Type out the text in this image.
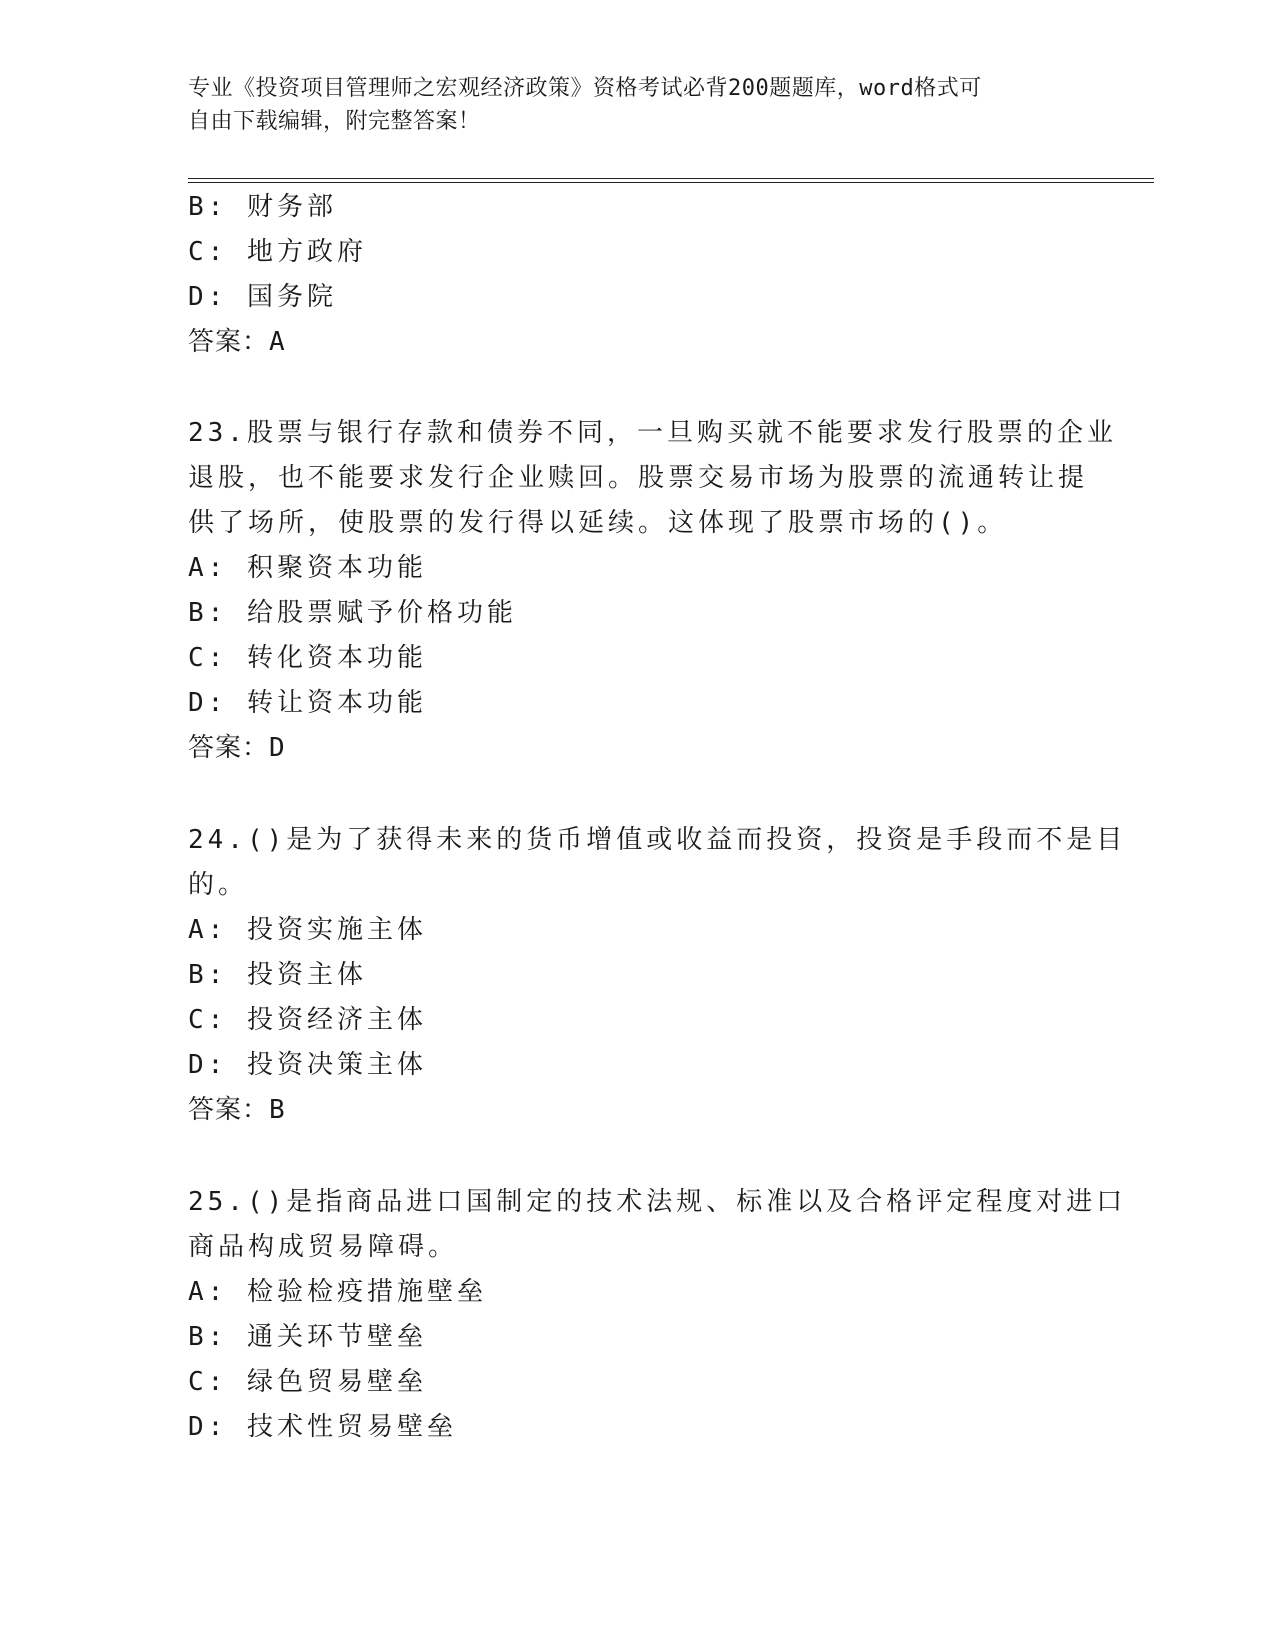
专业《投资项目管理师之宏观经济政策》资格考试必背200题题库，word格式可
自由下载编辑，附完整答案！
B: 财务部
C: 地方政府
D: 国务院
答案：A
23.股票与银行存款和债券不同，一旦购买就不能要求发行股票的企业
退股，也不能要求发行企业赎回。股票交易市场为股票的流通转让提
供了场所，使股票的发行得以延续。这体现了股票市场的()。
A: 积聚资本功能
B: 给股票赋予价格功能
C: 转化资本功能
D: 转让资本功能
答案：D
24.()是为了获得未来的货币增值或收益而投资，投资是手段而不是目
的。
A: 投资实施主体
B: 投资主体
C: 投资经济主体
D: 投资决策主体
答案：B
25.()是指商品进口国制定的技术法规、标准以及合格评定程度对进口
商品构成贸易障碍。
A: 检验检疫措施壁垒
B: 通关环节壁垒
C: 绿色贸易壁垒
D: 技术性贸易壁垒
